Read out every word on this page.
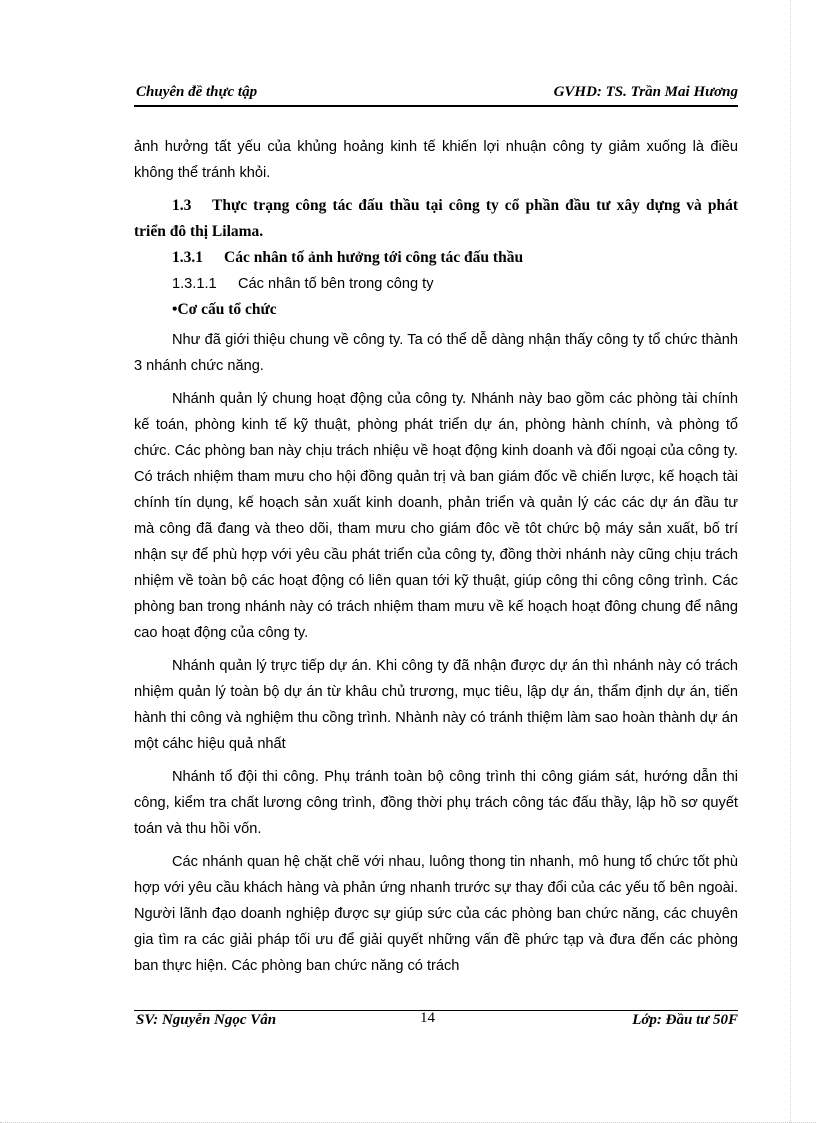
Chuyên đề thực tập	GVHD: TS. Trần Mai Hương

ảnh hưởng tất yếu của khủng hoảng kinh tế khiến lợi nhuận công ty giảm xuống là điều không thể tránh khỏi.

1.3 Thực trạng công tác đấu thầu tại công ty cổ phần đầu tư xây dựng và phát triển đô thị Lilama.
1.3.1 Các nhân tố ảnh hưởng tới công tác đấu thầu
1.3.1.1 Các nhân tố bên trong công ty
•Cơ cấu tổ chức

Như đã giới thiệu chung về công ty. Ta có thể dễ dàng nhận thấy công ty tổ chức thành 3 nhánh chức năng.

Nhánh quản lý chung hoạt động của công ty. Nhánh này bao gồm các phòng tài chính kế toán, phòng kinh tế kỹ thuật, phòng phát triển dự án, phòng hành chính, và phòng tổ chức. Các phòng ban này chịu trách nhiệu về hoạt động kinh doanh và đối ngoại của công ty. Có trách nhiệm tham mưu cho hội đồng quản trị và ban giám đốc về chiến lược, kế hoạch tài chính tín dụng, kế hoạch sản xuất kinh doanh, phản triển và quản lý các các dự án đầu tư mà công đã đang và theo dõi, tham mưu cho giám đôc về tôt chức bộ máy sản xuất, bố trí nhận sự để phù hợp với yêu cầu phát triển của công ty, đồng thời nhánh này cũng chịu trách nhiệm về toàn bộ các hoạt động có liên quan tới kỹ thuật, giúp công thi công công trình. Các phòng ban trong nhánh này có trách nhiệm tham mưu về kế hoạch hoạt đông chung để nâng cao hoạt động của công ty.

Nhánh quản lý trực tiếp dự án. Khi công ty đã nhận được dự án thì nhánh này có trách nhiệm quản lý toàn bộ dự án từ khâu chủ trương, mục tiêu, lập dự án, thẩm định dự án, tiến hành thi công và nghiệm thu cồng trình. Nhành này có tránh thiệm làm sao hoàn thành dự án một cáhc hiệu quả nhất

Nhánh tổ đội thi công. Phụ tránh toàn bộ công trình thi công giám sát, hướng dẫn thi công, kiểm tra chất lương công trình, đồng thời phụ trách công tác đấu thầy, lập hồ sơ quyết toán và thu hồi vốn.

Các nhánh quan hệ chặt chẽ với nhau, luông thong tin nhanh, mô hung tổ chức tốt phù hợp với yêu cầu khách hàng và phản ứng nhanh trước sự thay đổi của các yếu tố bên ngoài. Người lãnh đạo doanh nghiệp được sự giúp sức của các phòng ban chức năng, các chuyên gia tìm ra các giải pháp tối ưu để giải quyết những vấn đề phức tạp và đưa đến các phòng ban thực hiện. Các phòng ban chức năng có trách

SV: Nguyễn Ngọc Vân	14	Lớp: Đầu tư 50F
